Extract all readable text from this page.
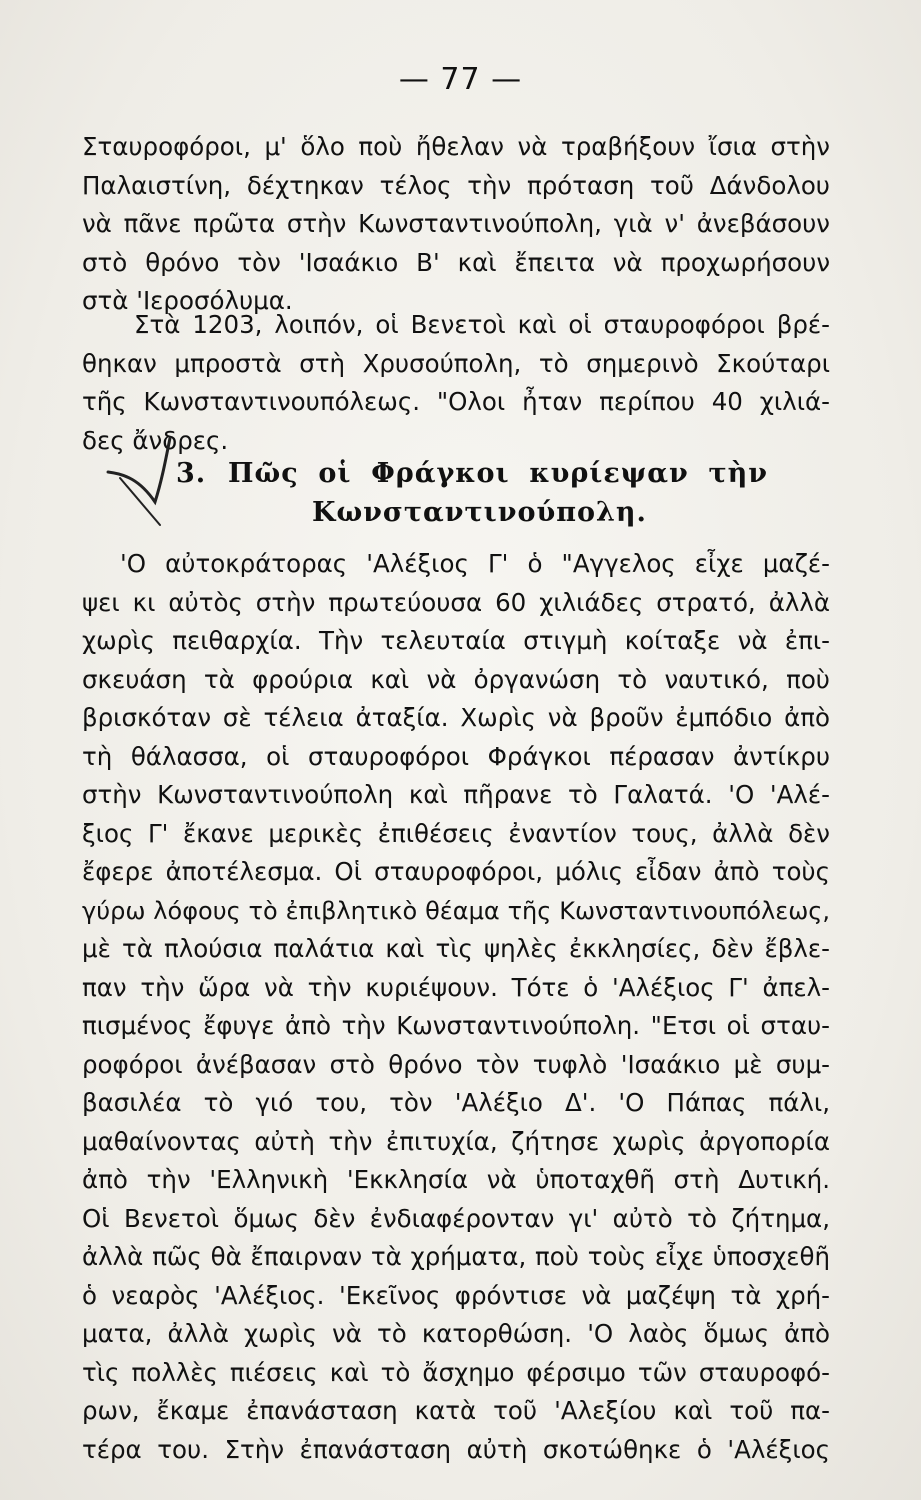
— 77 —
Σταυροφόροι, μ' ὅλο ποὺ ἤθελαν νὰ τραβήξουν ἴσια στὴν
Παλαιστίνη, δέχτηκαν τέλος τὴν πρόταση τοῦ Δάνδολου
νὰ πᾶνε πρῶτα στὴν Κωνσταντινούπολη, γιὰ ν' ἀνεβάσουν
στὸ θρόνο τὸν 'Ισαάκιο Β' καὶ ἔπειτα νὰ προχωρήσουν
στὰ 'Ιεροσόλυμα.
Στὰ 1203, λοιπόν, οἱ Βενετοὶ καὶ οἱ σταυροφόροι βρέ-
θηκαν μπροστὰ στὴ Χρυσούπολη, τὸ σημερινὸ Σκούταρι
τῆς Κωνσταντινουπόλεως. "Ολοι ἦταν περίπου 40 χιλιά-
δες ἄνδρες.
3. Πῶς οἱ Φράγκοι κυρίεψαν τὴν
Κωνσταντινούπολη.
'Ο αὐτοκράτορας 'Αλέξιος Γ' ὁ "Αγγελος εἶχε μαζέ-
ψει κι αὐτὸς στὴν πρωτεύουσα 60 χιλιάδες στρατό, ἀλλὰ
χωρὶς πειθαρχία. Τὴν τελευταία στιγμὴ κοίταξε νὰ ἐπι-
σκευάση τὰ φρούρια καὶ νὰ ὀργανώση τὸ ναυτικό, ποὺ
βρισκόταν σὲ τέλεια ἀταξία. Χωρὶς νὰ βροῦν ἐμπόδιο ἀπὸ
τὴ θάλασσα, οἱ σταυροφόροι Φράγκοι πέρασαν ἀντίκρυ
στὴν Κωνσταντινούπολη καὶ πῆρανε τὸ Γαλατά. 'Ο 'Αλέ-
ξιος Γ' ἔκανε μερικὲς ἐπιθέσεις ἐναντίον τους, ἀλλὰ δὲν
ἔφερε ἀποτέλεσμα. Οἱ σταυροφόροι, μόλις εἶδαν ἀπὸ τοὺς
γύρω λόφους τὸ ἐπιβλητικὸ θέαμα τῆς Κωνσταντινουπόλεως,
μὲ τὰ πλούσια παλάτια καὶ τὶς ψηλὲς ἐκκλησίες, δὲν ἔβλε-
παν τὴν ὥρα νὰ τὴν κυριέψουν. Τότε ὁ 'Αλέξιος Γ' ἀπελ-
πισμένος ἔφυγε ἀπὸ τὴν Κωνσταντινούπολη. "Ετσι οἱ σταυ-
ροφόροι ἀνέβασαν στὸ θρόνο τὸν τυφλὸ 'Ισαάκιο μὲ συμ-
βασιλέα τὸ γιό του, τὸν 'Αλέξιο Δ'. 'Ο Πάπας πάλι,
μαθαίνοντας αὐτὴ τὴν ἐπιτυχία, ζήτησε χωρὶς ἀργοπορία
ἀπὸ τὴν 'Ελληνικὴ 'Εκκλησία νὰ ὑποταχθῆ στὴ Δυτική.
Οἱ Βενετοὶ ὅμως δὲν ἐνδιαφέρονταν γι' αὐτὸ τὸ ζήτημα,
ἀλλὰ πῶς θὰ ἔπαιρναν τὰ χρήματα, ποὺ τοὺς εἶχε ὑποσχεθῆ
ὁ νεαρὸς 'Αλέξιος. 'Εκεῖνος φρόντισε νὰ μαζέψη τὰ χρή-
ματα, ἀλλὰ χωρὶς νὰ τὸ κατορθώση. 'Ο λαὸς ὅμως ἀπὸ
τὶς πολλὲς πιέσεις καὶ τὸ ἄσχημο φέρσιμο τῶν σταυροφό-
ρων, ἔκαμε ἐπανάσταση κατὰ τοῦ 'Αλεξίου καὶ τοῦ πα-
τέρα του. Στὴν ἐπανάσταση αὐτὴ σκοτώθηκε ὁ 'Αλέξιος
